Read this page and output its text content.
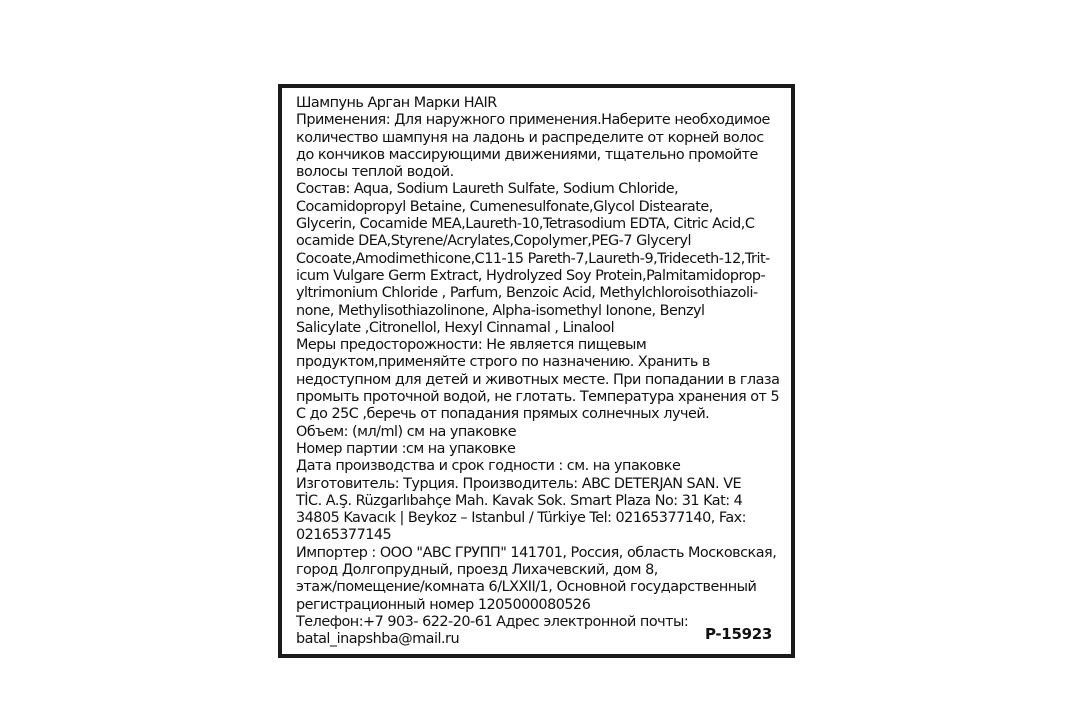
Шампунь Арган Марки HAIR
Применения: Для наружного применения.Наберите необходимое
количество шампуня на ладонь и распределите от корней волос
до кончиков массирующими движениями, тщательно промойте
волосы теплой водой.
Состав: Aqua, Sodium Laureth Sulfate, Sodium Chloride,
Cocamidopropyl Betaine, Cumenesulfonate,Glycol Distearate,
Glycerin, Cocamide MEA,Laureth-10,Tetrasodium EDTA, Citric Acid,C
ocamide DEA,Styrene/Acrylates,Copolymer,PEG-7 Glyceryl
Cocoate,Amodimethicone,C11-15 Pareth-7,Laureth-9,Trideceth-12,Trit-
icum Vulgare Germ Extract, Hydrolyzed Soy Protein,Palmitamidoprop-
yltrimonium Chloride , Parfum, Benzoic Acid, Methylchloroisothiazoli-
none, Methylisothiazolinone, Alpha-isomethyl Ionone, Benzyl
Salicylate ,Citronellol, Hexyl Cinnamal , Linalool
Меры предосторожности: Не является пищевым
продуктом,применяйте строго по назначению. Хранить в
недоступном для детей и животных месте. При попадании в глаза
промыть проточной водой, не глотать. Температура хранения от 5
С до 25С ,беречь от попадания прямых солнечных лучей.
Объем: (мл/ml) см на упаковке
Номер партии :см на упаковке
Дата производства и срок годности : см. на упаковке
Изготовитель: Турция. Производитель: ABC DETERJAN SAN. VE
TİC. A.Ş. Rüzgarlıbahçe Mah. Kavak Sok. Smart Plaza No: 31 Kat: 4
34805 Kavacık | Beykoz – Istanbul / Türkiye Tel: 02165377140, Fax:
02165377145
Импортер : ООО "АВС ГРУПП" 141701, Россия, область Московская,
город Долгопрудный, проезд Лихачевский, дом 8,
этаж/помещение/комната 6/LXXII/1, Основной государственный
регистрационный номер 1205000080526
Телефон:+7 903- 622-20-61 Адрес электронной почты:
batal_inapshba@mail.ru	P-15923
